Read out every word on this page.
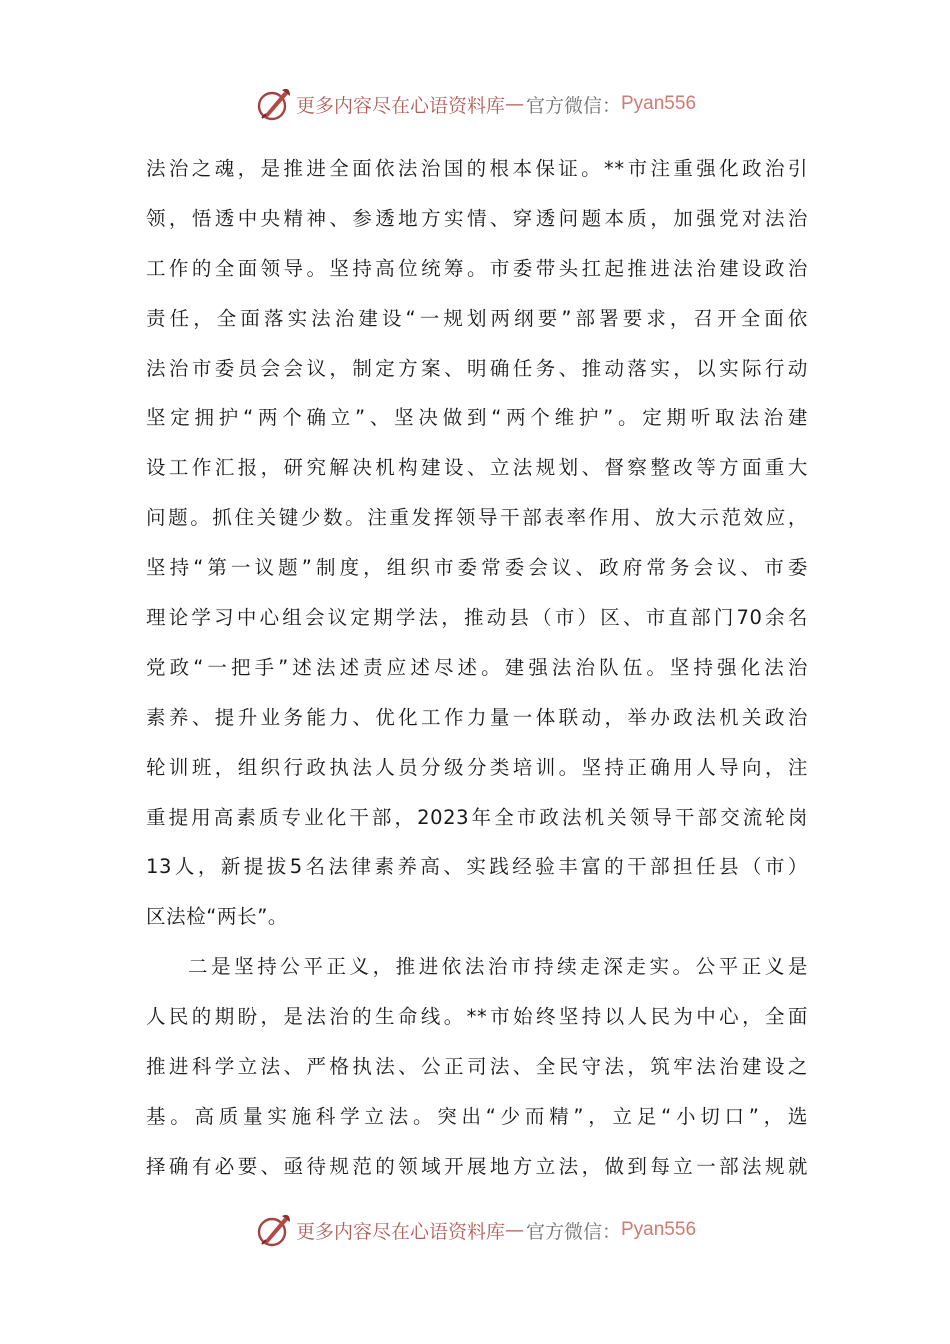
更多内容尽在心语资料库 — 官方微信： Pyan556
法治之魂，是推进全面依法治国的根本保证。**市注重强化政治引
领，悟透中央精神、参透地方实情、穿透问题本质，加强党对法治
工作的全面领导。坚持高位统筹。市委带头扛起推进法治建设政治
责任，全面落实法治建设“一规划两纲要”部署要求，召开全面依
法治市委员会会议，制定方案、明确任务、推动落实，以实际行动
坚定拥护“两个确立”、坚决做到“两个维护”。定期听取法治建
设工作汇报，研究解决机构建设、立法规划、督察整改等方面重大
问题。抓住关键少数。注重发挥领导干部表率作用、放大示范效应，
坚持“第一议题”制度，组织市委常委会议、政府常务会议、市委
理论学习中心组会议定期学法，推动县（市）区、市直部门70余名
党政“一把手”述法述责应述尽述。建强法治队伍。坚持强化法治
素养、提升业务能力、优化工作力量一体联动，举办政法机关政治
轮训班，组织行政执法人员分级分类培训。坚持正确用人导向，注
重提用高素质专业化干部，2023年全市政法机关领导干部交流轮岗
13人，新提拔5名法律素养高、实践经验丰富的干部担任县（市）
区法检“两长”。
二是坚持公平正义，推进依法治市持续走深走实。公平正义是
人民的期盼，是法治的生命线。**市始终坚持以人民为中心，全面
推进科学立法、严格执法、公正司法、全民守法，筑牢法治建设之
基。高质量实施科学立法。突出“少而精”，立足“小切口”，选
择确有必要、亟待规范的领域开展地方立法，做到每立一部法规就
更多内容尽在心语资料库 — 官方微信： Pyan556
